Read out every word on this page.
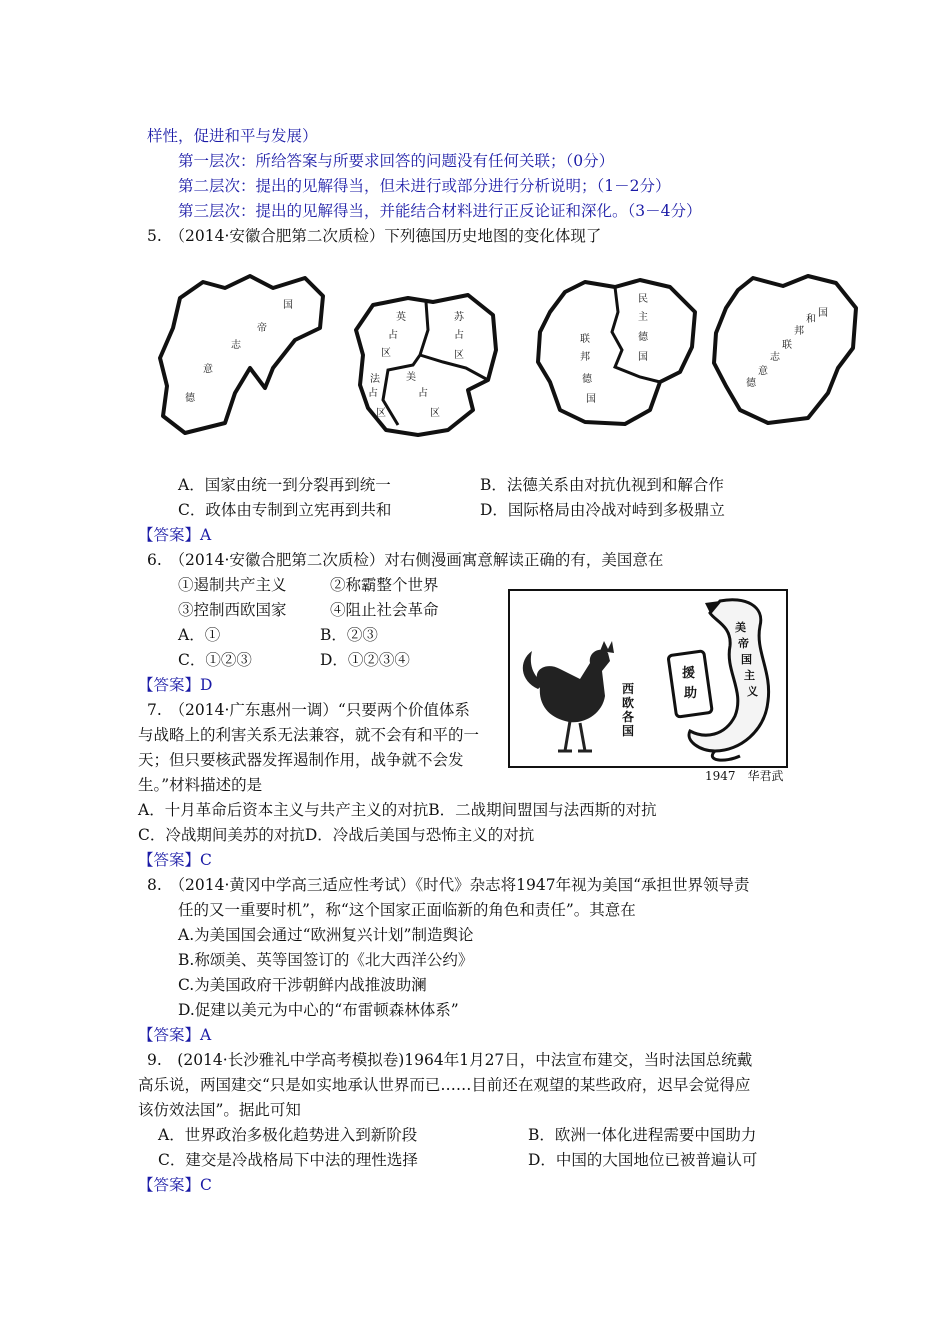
样性，促进和平与发展）
第一层次：所给答案与所要求回答的问题没有任何关联；（0分）
第二层次：提出的见解得当，但未进行或部分进行分析说明；（1－2分）
第三层次：提出的见解得当，并能结合材料进行正反论证和深化。（3－4分）
5.　（2014·安徽合肥第二次质检）下列德国历史地图的变化体现了
德
意
志
帝
国
英
占
区
苏
占
区
法
占
区
美
占
区
联
邦
德
国
民
主
德
国
德
意
志
联
邦
和
国
A．国家由统一到分裂再到统一	B．法德关系由对抗仇视到和解合作
C．政体由专制到立宪再到共和	D．国际格局由冷战对峙到多极鼎立
【答案】A
6.　（2014·安徽合肥第二次质检）对右侧漫画寓意解读正确的有，美国意在
①遏制共产主义	②称霸整个世界
③控制西欧国家	④阻止社会革命
A．①	B．②③
C．①②③	D．①②③④
【答案】D	西
欧
各
国
援
助
美
帝
国
主
义
1947　华君武
7.　（2014·广东惠州一调）“只要两个价值体系
与战略上的利害关系无法兼容，就不会有和平的一
天；但只要核武器发挥遏制作用，战争就不会发
生。”材料描述的是
A．十月革命后资本主义与共产主义的对抗B．二战期间盟国与法西斯的对抗
C．冷战期间美苏的对抗D．冷战后美国与恐怖主义的对抗
【答案】C
8.　（2014·黄冈中学高三适应性考试）《时代》杂志将1947年视为美国“承担世界领导责
任的又一重要时机”，称“这个国家正面临新的角色和责任”。其意在
A.为美国国会通过“欧洲复兴计划”制造舆论
B.称颂美、英等国签订的《北大西洋公约》
C.为美国政府干涉朝鲜内战推波助澜
D.促建以美元为中心的“布雷顿森林体系”
【答案】A
9.　(2014·长沙雅礼中学高考模拟卷)1964年1月27日，中法宣布建交，当时法国总统戴
高乐说，两国建交“只是如实地承认世界而已……目前还在观望的某些政府，迟早会觉得应
该仿效法国”。据此可知
A．世界政治多极化趋势进入到新阶段	B．欧洲一体化进程需要中国助力
C．建交是冷战格局下中法的理性选择	D．中国的大国地位已被普遍认可
【答案】C
